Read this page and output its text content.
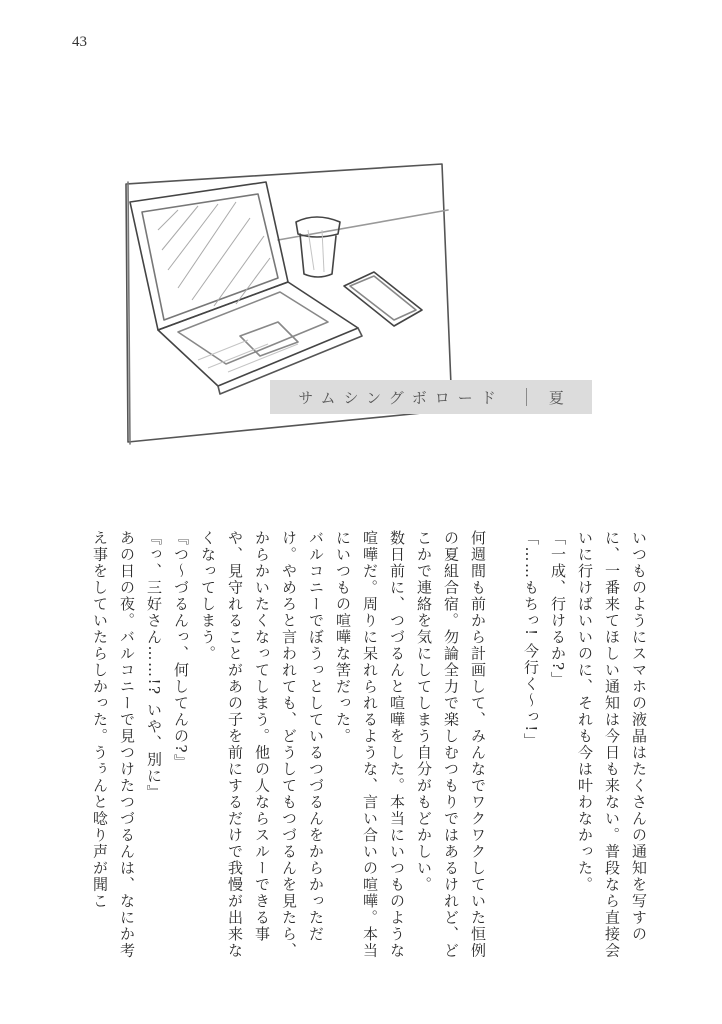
43
サムシングボロード	夏

いつものようにスマホの液晶はたくさんの通知を写すのに、一番来てほしい通知は今日も来ない。普段なら直接会いに行けばいいのに、それも今は叶わなかった。

「一成、行けるか?」

「……もちっ! 今行く〜っ!」

何週間も前から計画して、みんなでワクワクしていた恒例の夏組合宿。勿論全力で楽しむつもりではあるけれど、どこかで連絡を気にしてしまう自分がもどかしい。

数日前に、つづるんと喧嘩をした。本当にいつものような喧嘩だ。周りに呆れられるような、言い合いの喧嘩。本当にいつもの喧嘩な筈だった。

バルコニーでぼうっとしているつづるんをからかっただけ。やめろと言われても、どうしてもつづるんを見たら、からかいたくなってしまう。他の人ならスルーできる事や、見守れることがあの子を前にするだけで我慢が出来なくなってしまう。

『つ〜づるんっ、何してんの?』

『っ、三好さん……!? いや、別に』

あの日の夜。バルコニーで見つけたつづるんは、なにか考え事をしていたらしかった。うぅんと唸り声が聞こ
